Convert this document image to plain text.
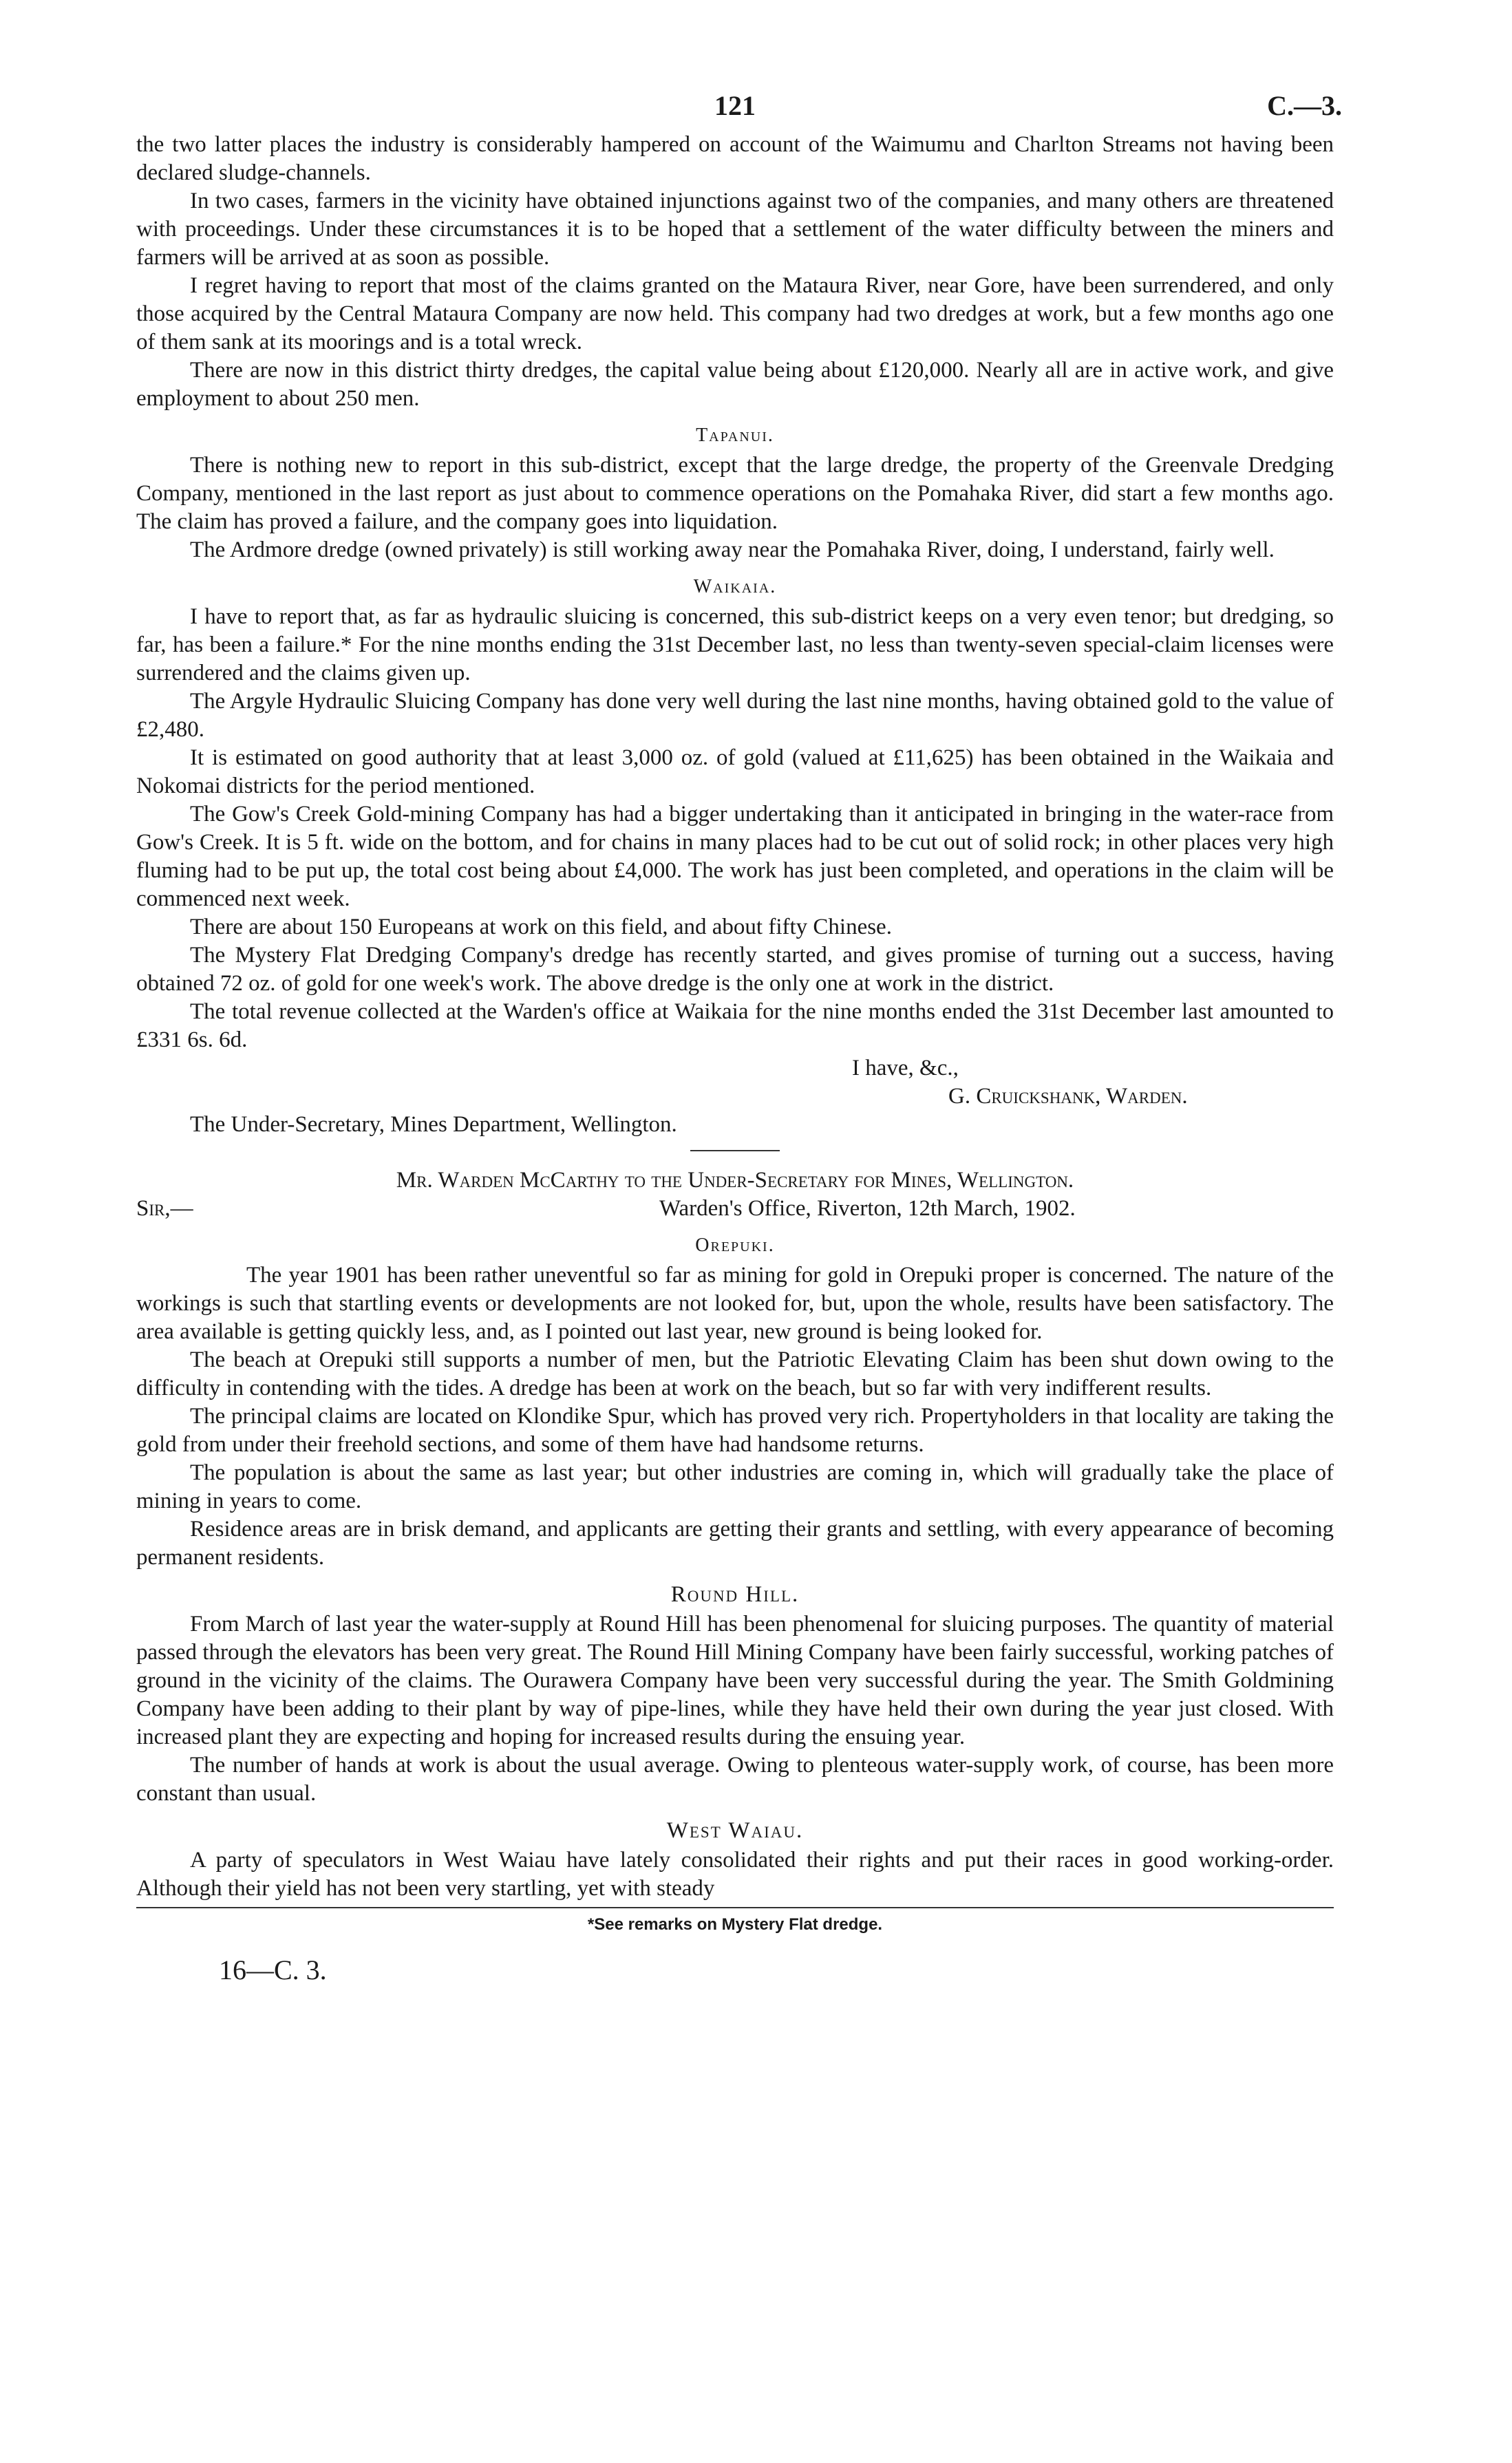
121	C.—3.

the two latter places the industry is considerably hampered on account of the Waimumu and Charlton Streams not having been declared sludge-channels.

In two cases, farmers in the vicinity have obtained injunctions against two of the companies, and many others are threatened with proceedings. Under these circumstances it is to be hoped that a settlement of the water difficulty between the miners and farmers will be arrived at as soon as possible.

I regret having to report that most of the claims granted on the Mataura River, near Gore, have been surrendered, and only those acquired by the Central Mataura Company are now held. This company had two dredges at work, but a few months ago one of them sank at its moorings and is a total wreck.

There are now in this district thirty dredges, the capital value being about £120,000. Nearly all are in active work, and give employment to about 250 men.

Tapanui.

There is nothing new to report in this sub-district, except that the large dredge, the property of the Greenvale Dredging Company, mentioned in the last report as just about to commence operations on the Pomahaka River, did start a few months ago. The claim has proved a failure, and the company goes into liquidation.

The Ardmore dredge (owned privately) is still working away near the Pomahaka River, doing, I understand, fairly well.

Waikaia.

I have to report that, as far as hydraulic sluicing is concerned, this sub-district keeps on a very even tenor; but dredging, so far, has been a failure.* For the nine months ending the 31st December last, no less than twenty-seven special-claim licenses were surrendered and the claims given up.

The Argyle Hydraulic Sluicing Company has done very well during the last nine months, having obtained gold to the value of £2,480.

It is estimated on good authority that at least 3,000 oz. of gold (valued at £11,625) has been obtained in the Waikaia and Nokomai districts for the period mentioned.

The Gow's Creek Gold-mining Company has had a bigger undertaking than it anticipated in bringing in the water-race from Gow's Creek. It is 5 ft. wide on the bottom, and for chains in many places had to be cut out of solid rock; in other places very high fluming had to be put up, the total cost being about £4,000. The work has just been completed, and operations in the claim will be commenced next week.

There are about 150 Europeans at work on this field, and about fifty Chinese.

The Mystery Flat Dredging Company's dredge has recently started, and gives promise of turning out a success, having obtained 72 oz. of gold for one week's work. The above dredge is the only one at work in the district.

The total revenue collected at the Warden's office at Waikaia for the nine months ended the 31st December last amounted to £331 6s. 6d.

I have, &c.,
G. Cruickshank, Warden.
The Under-Secretary, Mines Department, Wellington.
Mr. Warden McCarthy to the Under-Secretary for Mines, Wellington.
Sir,—	Warden's Office, Riverton, 12th March, 1902.
Orepuki.

The year 1901 has been rather uneventful so far as mining for gold in Orepuki proper is concerned. The nature of the workings is such that startling events or developments are not looked for, but, upon the whole, results have been satisfactory. The area available is getting quickly less, and, as I pointed out last year, new ground is being looked for.

The beach at Orepuki still supports a number of men, but the Patriotic Elevating Claim has been shut down owing to the difficulty in contending with the tides. A dredge has been at work on the beach, but so far with very indifferent results.

The principal claims are located on Klondike Spur, which has proved very rich. Propertyholders in that locality are taking the gold from under their freehold sections, and some of them have had handsome returns.

The population is about the same as last year; but other industries are coming in, which will gradually take the place of mining in years to come.

Residence areas are in brisk demand, and applicants are getting their grants and settling, with every appearance of becoming permanent residents.

Round Hill.

From March of last year the water-supply at Round Hill has been phenomenal for sluicing purposes. The quantity of material passed through the elevators has been very great. The Round Hill Mining Company have been fairly successful, working patches of ground in the vicinity of the claims. The Ourawera Company have been very successful during the year. The Smith Goldmining Company have been adding to their plant by way of pipe-lines, while they have held their own during the year just closed. With increased plant they are expecting and hoping for increased results during the ensuing year.

The number of hands at work is about the usual average. Owing to plenteous water-supply work, of course, has been more constant than usual.

West Waiau.

A party of speculators in West Waiau have lately consolidated their rights and put their races in good working-order. Although their yield has not been very startling, yet with steady

*See remarks on Mystery Flat dredge.
16—C. 3.
